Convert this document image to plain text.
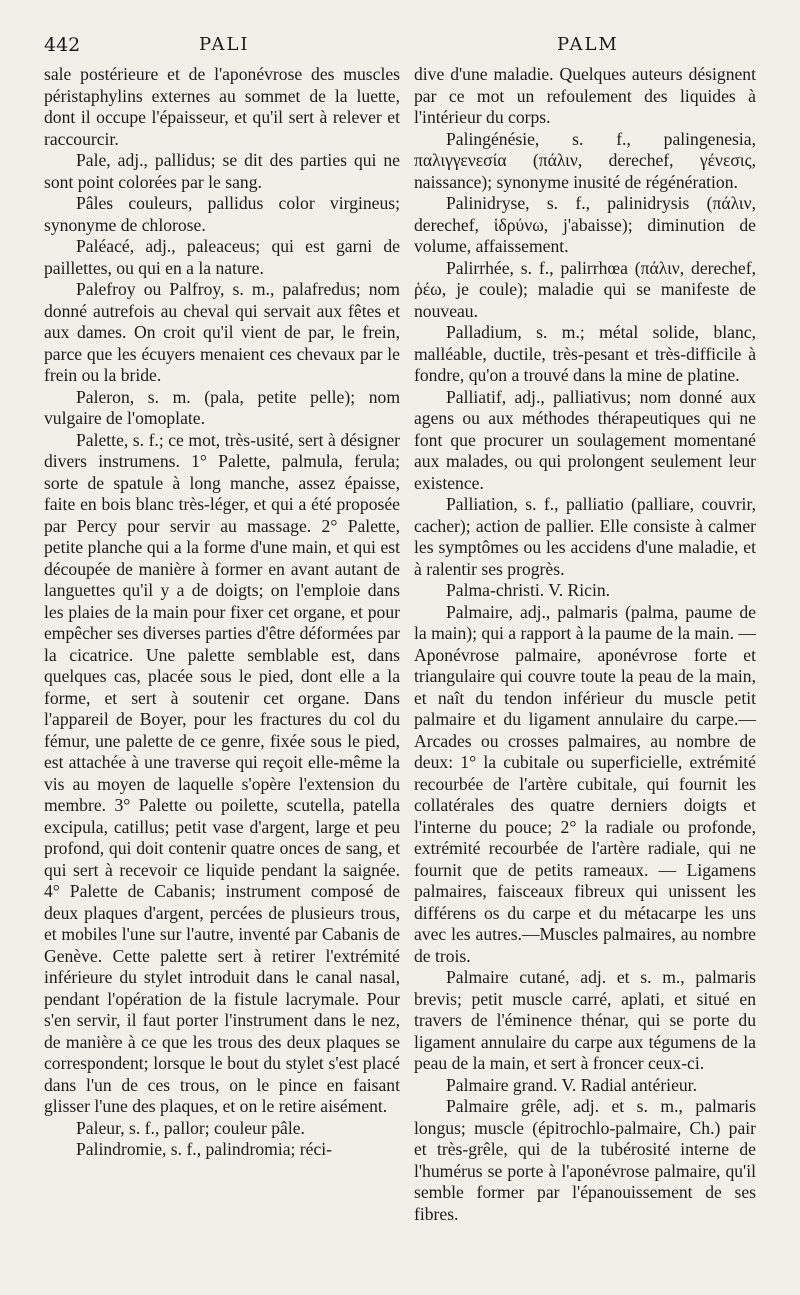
442	PALI	PALM

sale postérieure et de l'aponévrose des muscles péristaphylins externes au sommet de la luette, dont il occupe l'épaisseur, et qu'il sert à relever et raccourcir.

Pale, adj., pallidus; se dit des parties qui ne sont point colorées par le sang.

Pâles couleurs, pallidus color virgineus; synonyme de chlorose.

Paléacé, adj., paleaceus; qui est garni de paillettes, ou qui en a la nature.

Palefroy ou Palfroy, s. m., palafredus; nom donné autrefois au cheval qui servait aux fêtes et aux dames. On croit qu'il vient de par, le frein, parce que les écuyers menaient ces chevaux par le frein ou la bride.

Paleron, s. m. (pala, petite pelle); nom vulgaire de l'omoplate.

Palette, s. f.; ce mot, très-usité, sert à désigner divers instrumens. 1° Palette, palmula, ferula; sorte de spatule à long manche, assez épaisse, faite en bois blanc très-léger, et qui a été proposée par Percy pour servir au massage. 2° Palette, petite planche qui a la forme d'une main, et qui est découpée de manière à former en avant autant de languettes qu'il y a de doigts; on l'emploie dans les plaies de la main pour fixer cet organe, et pour empêcher ses diverses parties d'être déformées par la cicatrice. Une palette semblable est, dans quelques cas, placée sous le pied, dont elle a la forme, et sert à soutenir cet organe. Dans l'appareil de Boyer, pour les fractures du col du fémur, une palette de ce genre, fixée sous le pied, est attachée à une traverse qui reçoit elle-même la vis au moyen de laquelle s'opère l'extension du membre. 3° Palette ou poilette, scutella, patella excipula, catillus; petit vase d'argent, large et peu profond, qui doit contenir quatre onces de sang, et qui sert à recevoir ce liquide pendant la saignée. 4° Palette de Cabanis; instrument composé de deux plaques d'argent, percées de plusieurs trous, et mobiles l'une sur l'autre, inventé par Cabanis de Genève. Cette palette sert à retirer l'extrémité inférieure du stylet introduit dans le canal nasal, pendant l'opération de la fistule lacrymale. Pour s'en servir, il faut porter l'instrument dans le nez, de manière à ce que les trous des deux plaques se correspondent; lorsque le bout du stylet s'est placé dans l'un de ces trous, on le pince en faisant glisser l'une des plaques, et on le retire aisément.

Paleur, s. f., pallor; couleur pâle.

Palindromie, s. f., palindromia; réci-

dive d'une maladie. Quelques auteurs désignent par ce mot un refoulement des liquides à l'intérieur du corps.

Palingénésie, s. f., palingenesia, παλιγγενεσία (πάλιν, derechef, γένεσις, naissance); synonyme inusité de régénération.

Palinidryse, s. f., palinidrysis (πάλιν, derechef, ἱδρύνω, j'abaisse); diminution de volume, affaissement.

Palirrhée, s. f., palirrhœa (πάλιν, derechef, ῥέω, je coule); maladie qui se manifeste de nouveau.

Palladium, s. m.; métal solide, blanc, malléable, ductile, très-pesant et très-difficile à fondre, qu'on a trouvé dans la mine de platine.

Palliatif, adj., palliativus; nom donné aux agens ou aux méthodes thérapeutiques qui ne font que procurer un soulagement momentané aux malades, ou qui prolongent seulement leur existence.

Palliation, s. f., palliatio (palliare, couvrir, cacher); action de pallier. Elle consiste à calmer les symptômes ou les accidens d'une maladie, et à ralentir ses progrès.

Palma-christi. V. Ricin.

Palmaire, adj., palmaris (palma, paume de la main); qui a rapport à la paume de la main. — Aponévrose palmaire, aponévrose forte et triangulaire qui couvre toute la peau de la main, et naît du tendon inférieur du muscle petit palmaire et du ligament annulaire du carpe.— Arcades ou crosses palmaires, au nombre de deux: 1° la cubitale ou superficielle, extrémité recourbée de l'artère cubitale, qui fournit les collatérales des quatre derniers doigts et l'interne du pouce; 2° la radiale ou profonde, extrémité recourbée de l'artère radiale, qui ne fournit que de petits rameaux. — Ligamens palmaires, faisceaux fibreux qui unissent les différens os du carpe et du métacarpe les uns avec les autres.—Muscles palmaires, au nombre de trois.

Palmaire cutané, adj. et s. m., palmaris brevis; petit muscle carré, aplati, et situé en travers de l'éminence thénar, qui se porte du ligament annulaire du carpe aux tégumens de la peau de la main, et sert à froncer ceux-ci.

Palmaire grand. V. Radial antérieur.

Palmaire grêle, adj. et s. m., palmaris longus; muscle (épitrochlo-palmaire, Ch.) pair et très-grêle, qui de la tubérosité interne de l'humérus se porte à l'aponévrose palmaire, qu'il semble former par l'épanouissement de ses fibres.
